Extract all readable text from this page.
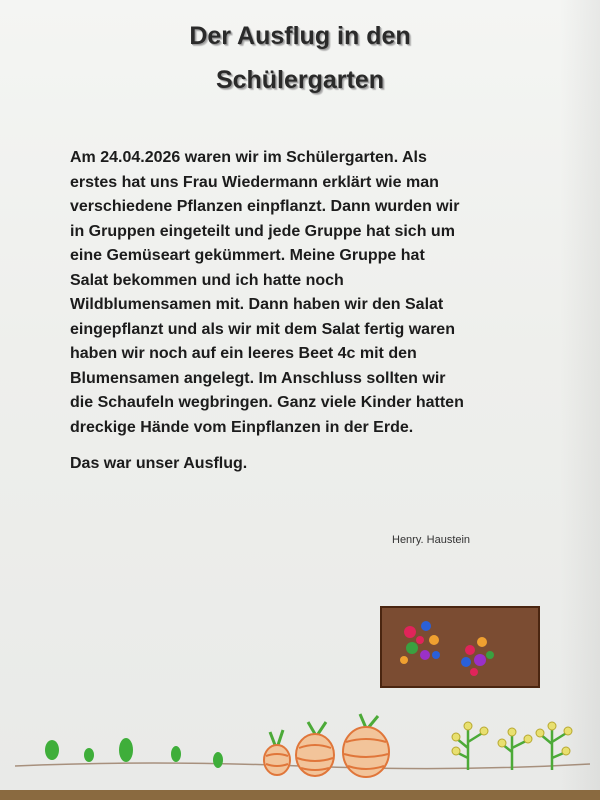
Der Ausflug in den
Schülergarten
Am 24.04.2026 waren wir im Schülergarten. Als
erstes hat uns Frau Wiedermann erklärt wie man
verschiedene Pflanzen einpflanzt. Dann wurden wir
in Gruppen eingeteilt und jede Gruppe hat sich um
eine Gemüseart gekümmert. Meine Gruppe hat
Salat bekommen und ich hatte noch
Wildblumensamen mit. Dann haben wir den Salat
eingepflanzt und als wir mit dem Salat fertig waren
haben wir noch auf ein leeres Beet 4c mit den
Blumensamen angelegt. Im Anschluss sollten wir
die Schaufeln wegbringen. Ganz viele Kinder hatten
dreckige Hände vom Einpflanzen in der Erde.
Das war unser Ausflug.
Henry. Haustein
